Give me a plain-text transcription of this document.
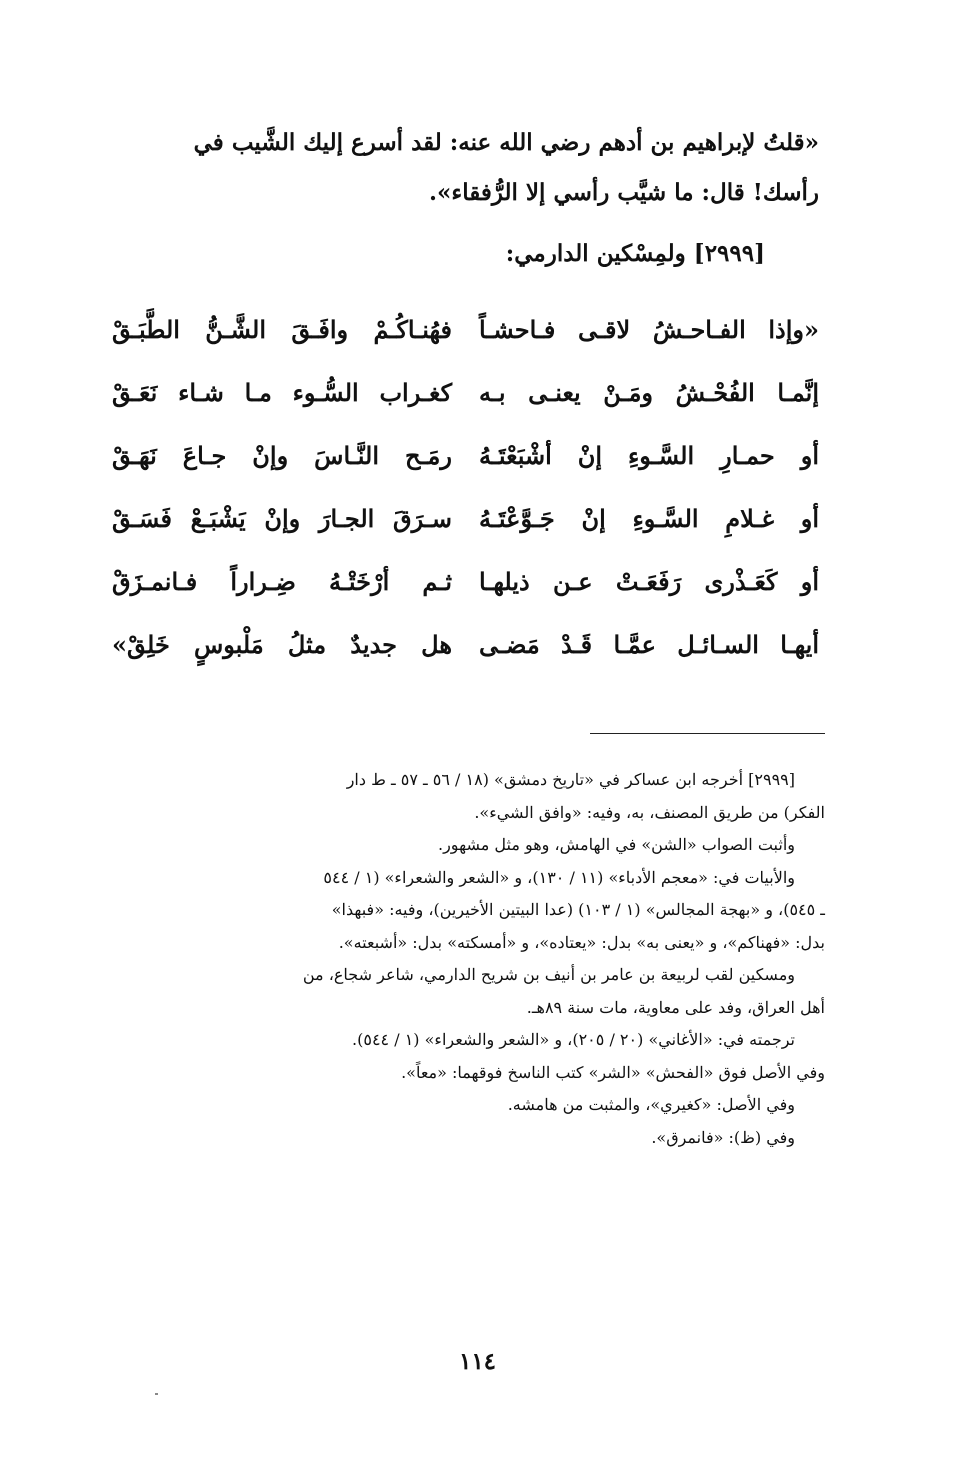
«قلتُ لإبراهيم بن أدهم رضي الله عنه: لقد أسرع إليك الشَّيب في
رأسك! قال: ما شيَّب رأسي إلا الرُّفقاء».
[٢٩٩٩] ولمِسْكين الدارمي:
«وإذا الفـاحـشُ لاقـى فـاحشـاً
فهُنـاكُـمْ وافَـقَ الشَّـنُّ الطَّبَـقْ
إنَّمـا الفُحْـشُ ومَـنْ يعنـى بـه
كغـراب السُّـوء مـا شـاء نَعَـقْ
أو حمـارِ السَّـوءِ إنْ أشْبَعْتَـهُ
رمَـح النَّـاسَ وإنْ جـاعَ نَهَـقْ
أو غـلامِ السَّـوءِ إنْ جَـوَّعْتَـهُ
سـرَقَ الجـارَ وإنْ يَشْبَـعْ فَسَـقْ
أو كَعَـذْرى رَفَعَـتْ عـن ذيلهـا
ثـم أرْخَتْـهُ ضِـراراً فـانمـزَقْ
أيهـا السـائـل عمَّـا قَـدْ مَضـى
هل جديدٌ مثلُ مَلْبوسٍ خَلِقْ»

[٢٩٩٩] أخرجه ابن عساكر في «تاريخ دمشق» (١٨ / ٥٦ ـ ٥٧ ـ ط دار

الفكر) من طريق المصنف، به، وفيه: «وافق الشيء».

وأثبت الصواب «الشن» في الهامش، وهو مثل مشهور.

والأبيات في: «معجم الأدباء» (١١ / ١٣٠)، و «الشعر والشعراء» (١ / ٥٤٤

ـ ٥٤٥)، و «بهجة المجالس» (١ / ١٠٣) (عدا البيتين الأخيرين)، وفيه: «فبهذا»

بدل: «فهناكم»، و «يعنى به» بدل: «يعتاده»، و «أمسكته» بدل: «أشبعته».

ومسكين لقب لربيعة بن عامر بن أنيف بن شريح الدارمي، شاعر شجاع، من

أهل العراق، وفد على معاوية، مات سنة ٨٩هـ.

ترجمته في: «الأغاني» (٢٠ / ٢٠٥)، و «الشعر والشعراء» (١ / ٥٤٤).

وفي الأصل فوق «الفحش» «الشر» كتب الناسخ فوقهما: «معاً».

وفي الأصل: «كغيري»، والمثبت من هامشه.

وفي (ظ): «فانمرق».

١١٤
